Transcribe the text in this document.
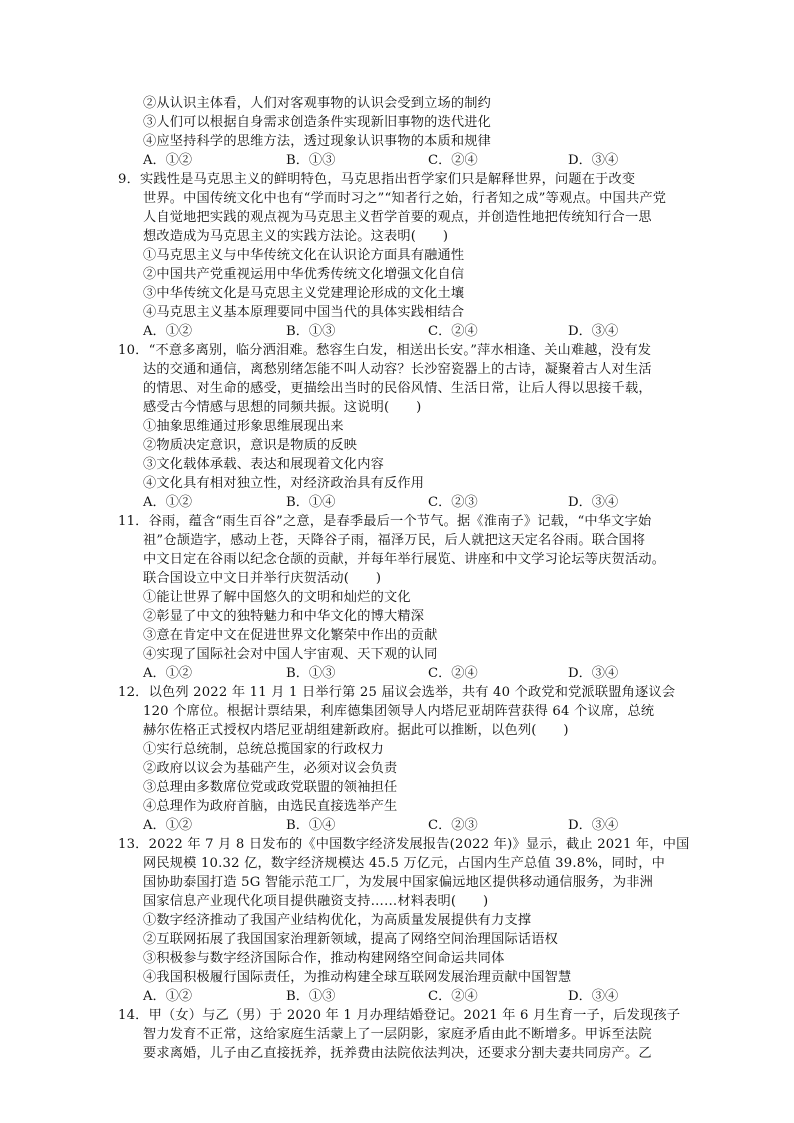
②从认识主体看，人们对客观事物的认识会受到立场的制约
③人们可以根据自身需求创造条件实现新旧事物的迭代进化
④应坚持科学的思维方法，透过现象认识事物的本质和规律
A．①②	B．①③	C．②④	D．③④
9．实践性是马克思主义的鲜明特色，马克思指出哲学家们只是解释世界，问题在于改变
世界。中国传统文化中也有“学而时习之”“知者行之始，行者知之成”等观点。中国共产党
人自觉地把实践的观点视为马克思主义哲学首要的观点，并创造性地把传统知行合一思
想改造成为马克思主义的实践方法论。这表明(　　)
①马克思主义与中华传统文化在认识论方面具有融通性
②中国共产党重视运用中华优秀传统文化增强文化自信
③中华传统文化是马克思主义党建理论形成的文化土壤
④马克思主义基本原理要同中国当代的具体实践相结合
A．①②	B．①③	C．②④	D．③④
10．“不意多离别，临分洒泪难。愁容生白发，相送出长安。”萍水相逢、关山难越，没有发
达的交通和通信，离愁别绪怎能不叫人动容？长沙窑瓷器上的古诗，凝聚着古人对生活
的情思、对生命的感受，更描绘出当时的民俗风情、生活日常，让后人得以思接千载，
感受古今情感与思想的同频共振。这说明(　　)
①抽象思维通过形象思维展现出来
②物质决定意识，意识是物质的反映
③文化载体承载、表达和展现着文化内容
④文化具有相对独立性，对经济政治具有反作用
A．①②	B．①④	C．②③	D．③④
11．谷雨，蕴含“雨生百谷”之意，是春季最后一个节气。据《淮南子》记载，“中华文字始
祖”仓颉造字，感动上苍，天降谷子雨，福泽万民，后人就把这天定名谷雨。联合国将
中文日定在谷雨以纪念仓颉的贡献，并每年举行展览、讲座和中文学习论坛等庆贺活动。
联合国设立中文日并举行庆贺活动(　　)
①能让世界了解中国悠久的文明和灿烂的文化
②彰显了中文的独特魅力和中华文化的博大精深
③意在肯定中文在促进世界文化繁荣中作出的贡献
④实现了国际社会对中国人宇宙观、天下观的认同
A．①②	B．①③	C．②④	D．③④
12．以色列 2022 年 11 月 1 日举行第 25 届议会选举，共有 40 个政党和党派联盟角逐议会
120 个席位。根据计票结果，利库德集团领导人内塔尼亚胡阵营获得 64 个议席，总统
赫尔佐格正式授权内塔尼亚胡组建新政府。据此可以推断，以色列(　　)
①实行总统制，总统总揽国家的行政权力
②政府以议会为基础产生，必须对议会负责
③总理由多数席位党或政党联盟的领袖担任
④总理作为政府首脑，由选民直接选举产生
A．①②	B．①④	C．②③	D．③④
13．2022 年 7 月 8 日发布的《中国数字经济发展报告(2022 年)》显示，截止 2021 年，中国
网民规模 10.32 亿，数字经济规模达 45.5 万亿元，占国内生产总值 39.8%，同时，中
国协助泰国打造 5G 智能示范工厂，为发展中国家偏远地区提供移动通信服务，为非洲
国家信息产业现代化项目提供融资支持……材料表明(　　)
①数字经济推动了我国产业结构优化，为高质量发展提供有力支撑
②互联网拓展了我国国家治理新领域，提高了网络空间治理国际话语权
③积极参与数字经济国际合作，推动构建网络空间命运共同体
④我国积极履行国际责任，为推动构建全球互联网发展治理贡献中国智慧
A．①②	B．①③	C．②④	D．③④
14．甲（女）与乙（男）于 2020 年 1 月办理结婚登记。2021 年 6 月生育一子，后发现孩子
智力发育不正常，这给家庭生活蒙上了一层阴影，家庭矛盾由此不断增多。甲诉至法院
要求离婚，儿子由乙直接抚养，抚养费由法院依法判决，还要求分割夫妻共同房产。乙
